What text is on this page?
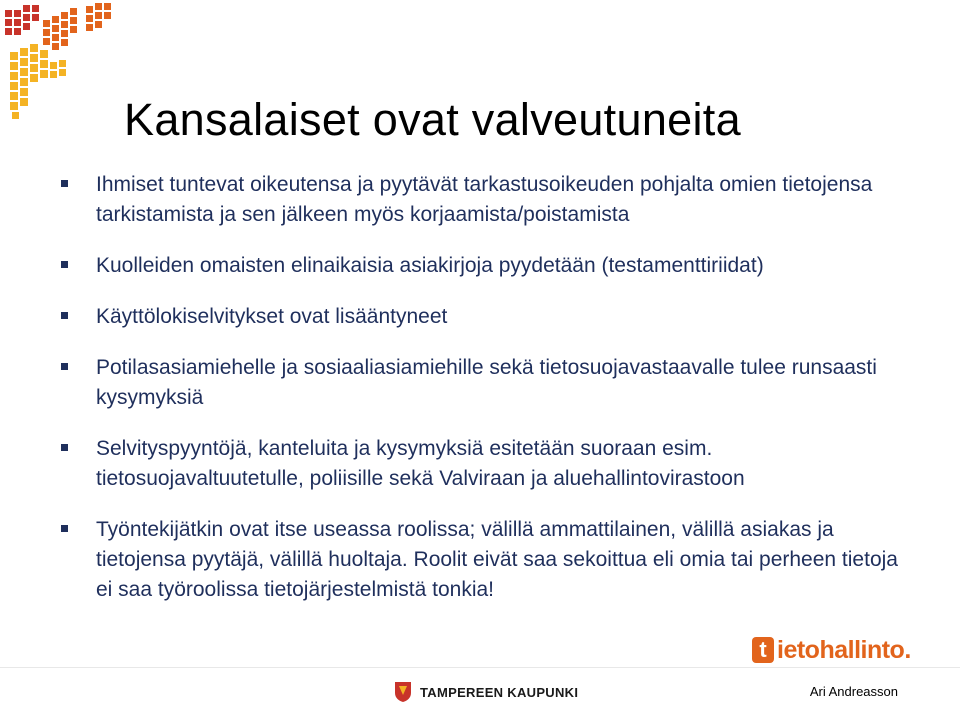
Kansalaiset ovat valveutuneita
Ihmiset tuntevat oikeutensa ja pyytävät tarkastusoikeuden pohjalta omien tietojensa tarkistamista ja sen jälkeen myös korjaamista/poistamista
Kuolleiden omaisten elinaikaisia asiakirjoja pyydetään (testamenttiriidat)
Käyttölokiselvitykset ovat lisääntyneet
Potilasasiamiehelle ja sosiaaliasiamiehille sekä tietosuojavastaavalle tulee runsaasti kysymyksiä
Selvityspyyntöjä, kanteluita ja kysymyksiä esitetään suoraan esim. tietosuojavaltuutetulle, poliisille sekä Valviraan ja aluehallintovirastoon
Työntekijätkin ovat itse useassa roolissa; välillä ammattilainen, välillä asiakas ja tietojensa pyytäjä, välillä huoltaja. Roolit eivät saa sekoittua eli omia tai perheen tietoja ei saa työroolissa tietojärjestelmistä tonkia!
t ietohallinto.
TAMPEREEN KAUPUNKI	Ari Andreasson
